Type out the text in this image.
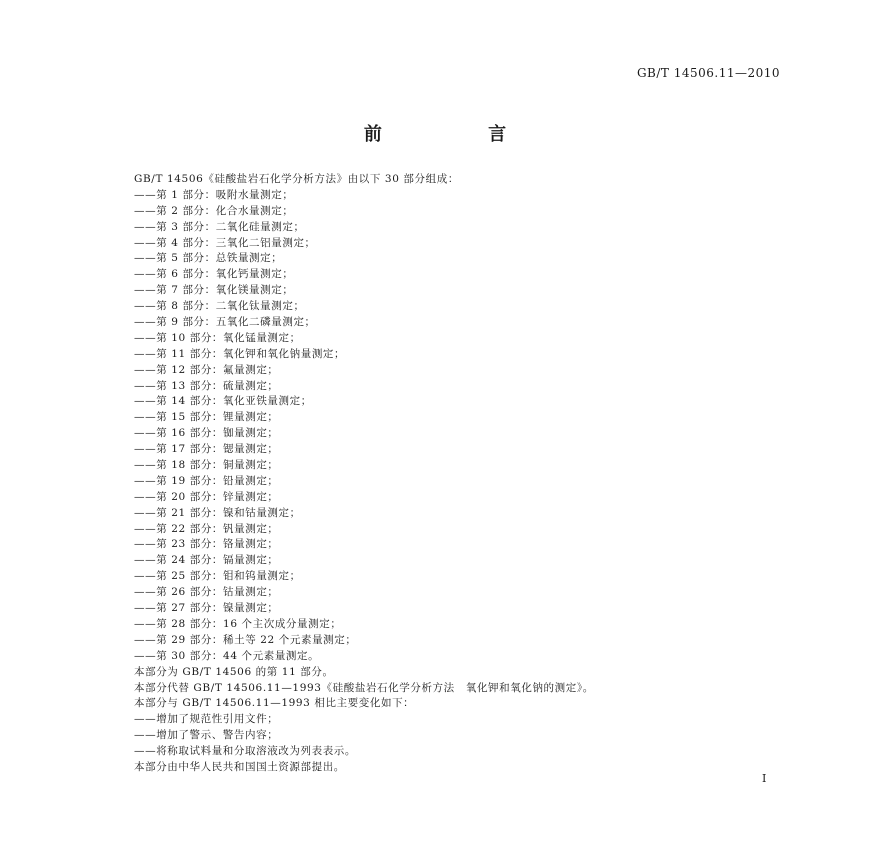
GB/T 14506.11—2010
前 言
GB/T 14506《硅酸盐岩石化学分析方法》由以下 30 部分组成：
——第 1 部分：吸附水量测定；
——第 2 部分：化合水量测定；
——第 3 部分：二氧化硅量测定；
——第 4 部分：三氧化二铝量测定；
——第 5 部分：总铁量测定；
——第 6 部分：氧化钙量测定；
——第 7 部分：氧化镁量测定；
——第 8 部分：二氧化钛量测定；
——第 9 部分：五氧化二磷量测定；
——第 10 部分：氧化锰量测定；
——第 11 部分：氧化钾和氧化钠量测定；
——第 12 部分：氟量测定；
——第 13 部分：硫量测定；
——第 14 部分：氧化亚铁量测定；
——第 15 部分：锂量测定；
——第 16 部分：铷量测定；
——第 17 部分：锶量测定；
——第 18 部分：铜量测定；
——第 19 部分：铅量测定；
——第 20 部分：锌量测定；
——第 21 部分：镍和钴量测定；
——第 22 部分：钒量测定；
——第 23 部分：铬量测定；
——第 24 部分：镉量测定；
——第 25 部分：钼和钨量测定；
——第 26 部分：钴量测定；
——第 27 部分：镍量测定；
——第 28 部分：16 个主次成分量测定；
——第 29 部分：稀土等 22 个元素量测定；
——第 30 部分：44 个元素量测定。
本部分为 GB/T 14506 的第 11 部分。
本部分代替 GB/T 14506.11—1993《硅酸盐岩石化学分析方法　氧化钾和氧化钠的测定》。
本部分与 GB/T 14506.11—1993 相比主要变化如下：
——增加了规范性引用文件；
——增加了警示、警告内容；
——将称取试料量和分取溶液改为列表表示。
本部分由中华人民共和国国土资源部提出。
I
